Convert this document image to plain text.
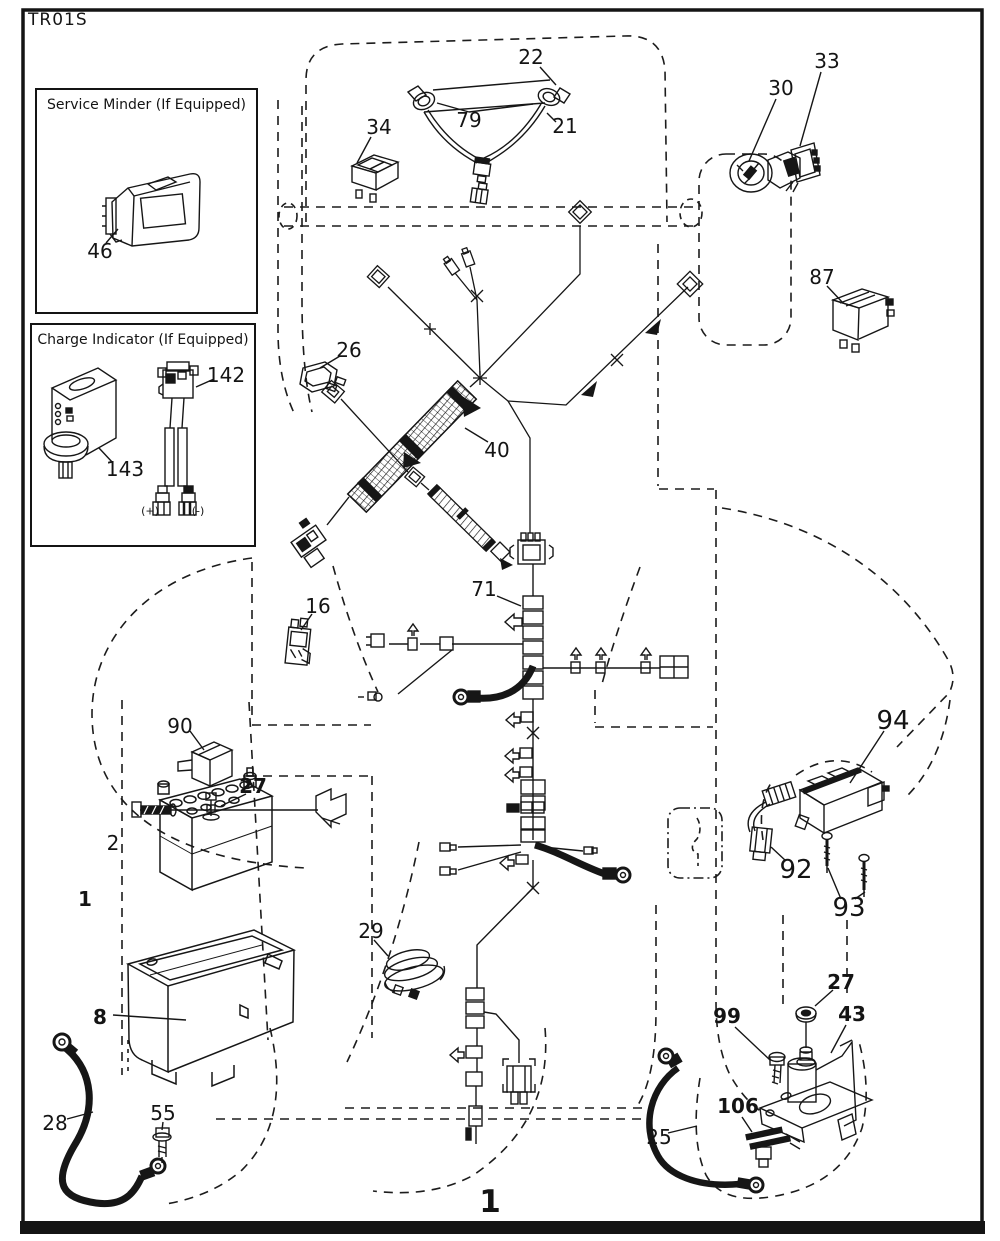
TR01S
Service Minder (If Equipped)
Charge Indicator (If Equipped)
22
79	21
34
30
33
87
26
40
142
143
46
16
71
90
27
2
1
8
29
94
92
93
27
43
99
106
25
28	55
(+)	(-)
1
